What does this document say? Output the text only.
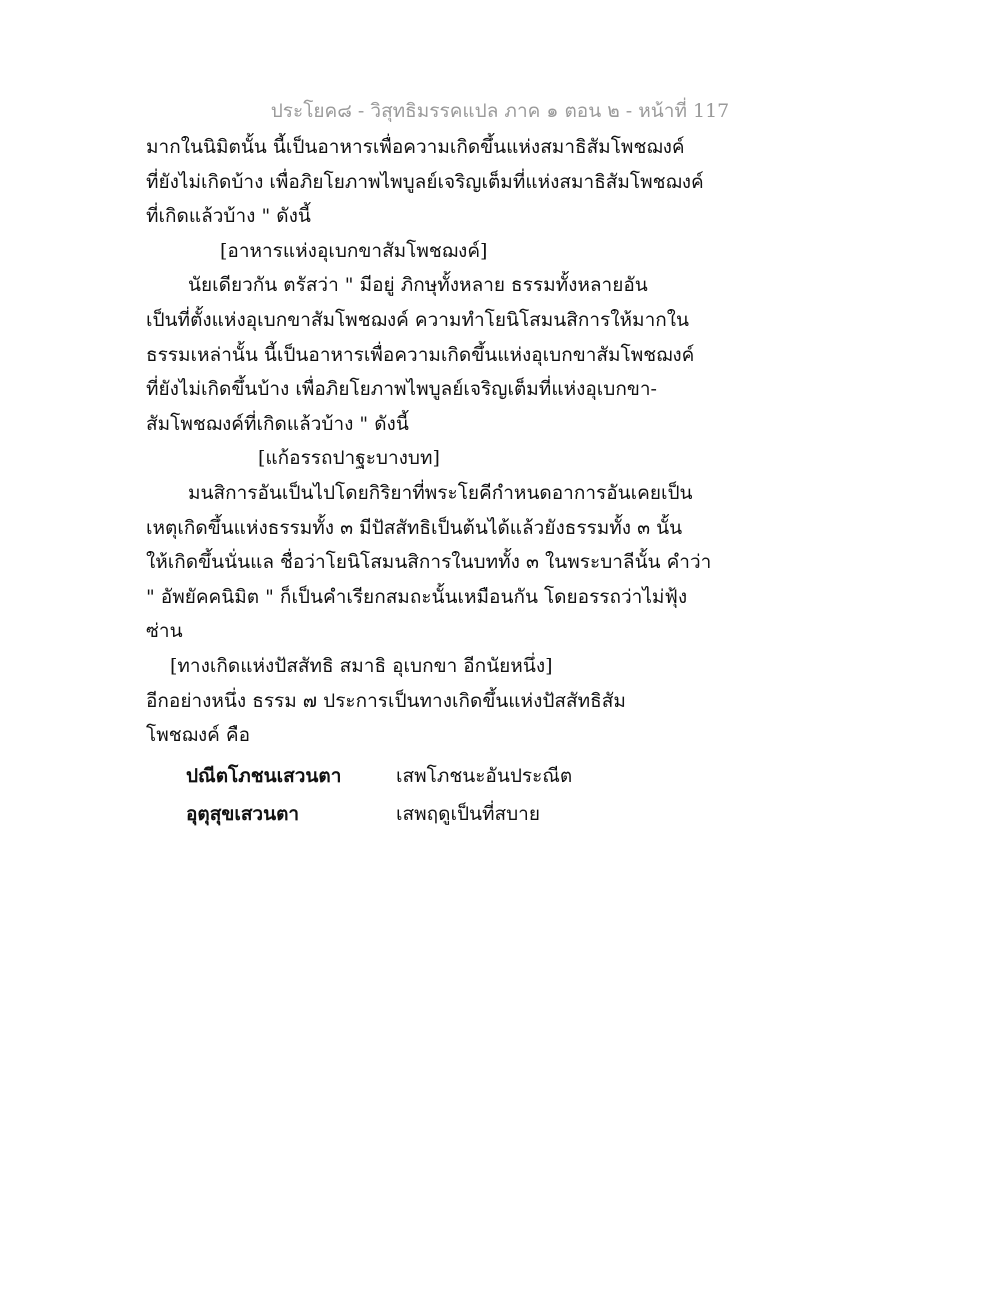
ประโยค๘ - วิสุทธิมรรคแปล ภาค ๑ ตอน ๒ - หน้าที่ 117
มากในนิมิตนั้น นี้เป็นอาหารเพื่อความเกิดขึ้นแห่งสมาธิสัมโพชฌงค์
ที่ยังไม่เกิดบ้าง เพื่อภิยโยภาพไพบูลย์เจริญเต็มที่แห่งสมาธิสัมโพชฌงค์
ที่เกิดแล้วบ้าง " ดังนี้
[อาหารแห่งอุเบกขาสัมโพชฌงค์]
นัยเดียวกัน ตรัสว่า " มีอยู่ ภิกษุทั้งหลาย ธรรมทั้งหลายอัน
เป็นที่ตั้งแห่งอุเบกขาสัมโพชฌงค์ ความทำโยนิโสมนสิการให้มากใน
ธรรมเหล่านั้น นี้เป็นอาหารเพื่อความเกิดขึ้นแห่งอุเบกขาสัมโพชฌงค์
ที่ยังไม่เกิดขึ้นบ้าง เพื่อภิยโยภาพไพบูลย์เจริญเต็มที่แห่งอุเบกขา-
สัมโพชฌงค์ที่เกิดแล้วบ้าง " ดังนี้
[แก้อรรถปาฐะบางบท]
มนสิการอันเป็นไปโดยกิริยาที่พระโยคีกำหนดอาการอันเคยเป็น
เหตุเกิดขึ้นแห่งธรรมทั้ง ๓ มีปัสสัทธิเป็นต้นได้แล้วยังธรรมทั้ง ๓ นั้น
ให้เกิดขึ้นนั่นแล ชื่อว่าโยนิโสมนสิการในบททั้ง ๓ ในพระบาลีนั้น คำว่า
" อัพยัคคนิมิต " ก็เป็นคำเรียกสมถะนั้นเหมือนกัน โดยอรรถว่าไม่ฟุ้ง
ซ่าน
[ทางเกิดแห่งปัสสัทธิ สมาธิ อุเบกขา อีกนัยหนึ่ง]
อีกอย่างหนึ่ง ธรรม ๗ ประการเป็นทางเกิดขึ้นแห่งปัสสัทธิสัม
โพชฌงค์ คือ
ปณีตโภชนเสวนตา	เสพโภชนะอันประณีต
อุตุสุขเสวนตา	เสพฤดูเป็นที่สบาย
